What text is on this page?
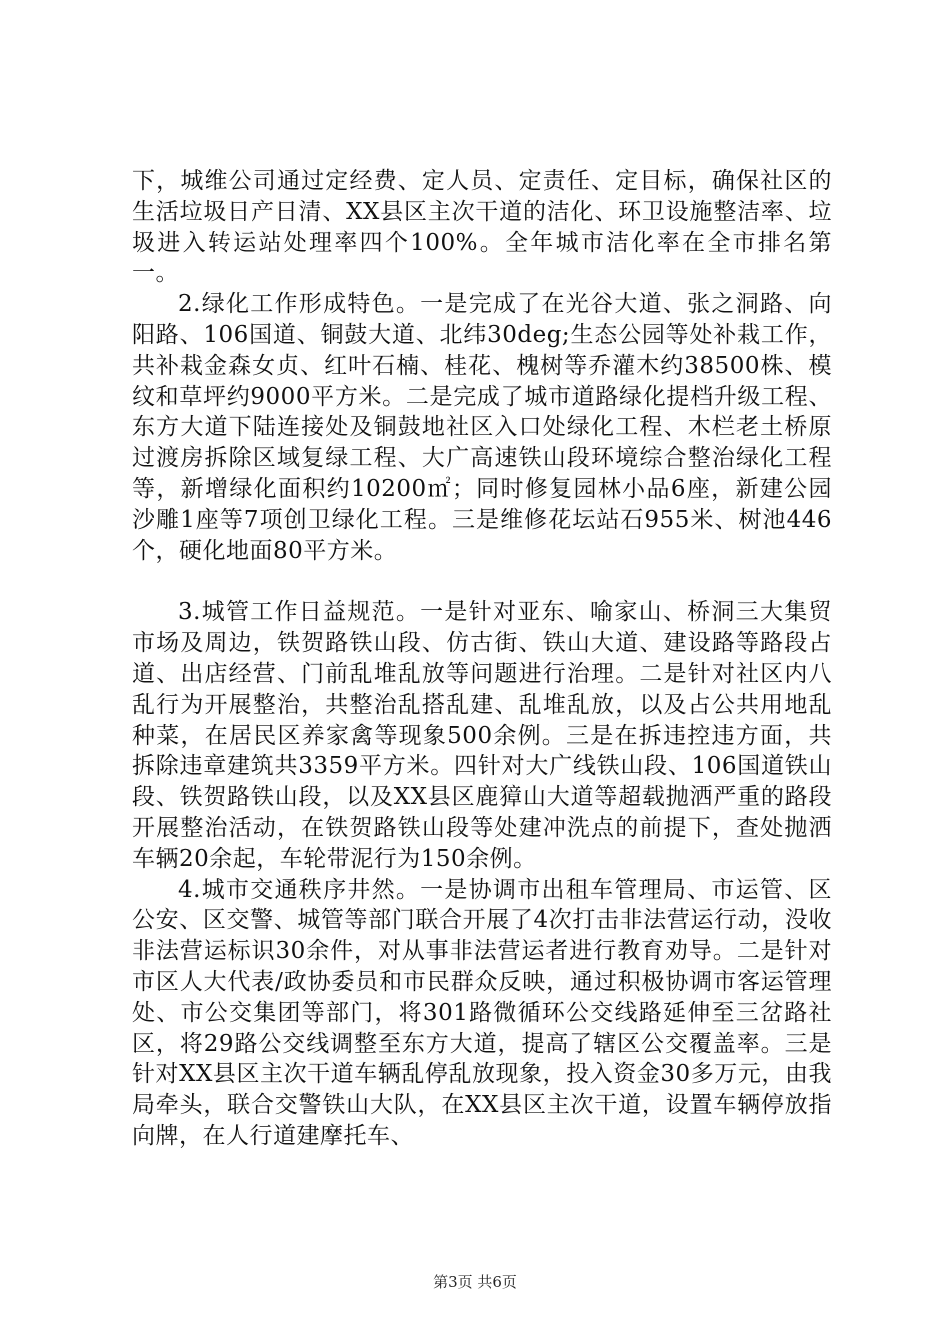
下，城维公司通过定经费、定人员、定责任、定目标，确保社区的生活垃圾日产日清、XX县区主次干道的洁化、环卫设施整洁率、垃圾进入转运站处理率四个100%。全年城市洁化率在全市排名第一。

2.绿化工作形成特色。一是完成了在光谷大道、张之洞路、向阳路、106国道、铜鼓大道、北纬30deg;生态公园等处补栽工作，共补栽金森女贞、红叶石楠、桂花、槐树等乔灌木约38500株、模纹和草坪约9000平方米。二是完成了城市道路绿化提档升级工程、东方大道下陆连接处及铜鼓地社区入口处绿化工程、木栏老土桥原过渡房拆除区域复绿工程、大广高速铁山段环境综合整治绿化工程等，新增绿化面积约10200㎡；同时修复园林小品6座，新建公园沙雕1座等7项创卫绿化工程。三是维修花坛站石955米、树池446个，硬化地面80平方米。

3.城管工作日益规范。一是针对亚东、喻家山、桥洞三大集贸市场及周边，铁贺路铁山段、仿古街、铁山大道、建设路等路段占道、出店经营、门前乱堆乱放等问题进行治理。二是针对社区内八乱行为开展整治，共整治乱搭乱建、乱堆乱放，以及占公共用地乱种菜，在居民区养家禽等现象500余例。三是在拆违控违方面，共拆除违章建筑共3359平方米。四针对大广线铁山段、106国道铁山段、铁贺路铁山段，以及XX县区鹿獐山大道等超载抛洒严重的路段开展整治活动，在铁贺路铁山段等处建冲洗点的前提下，查处抛洒车辆20余起，车轮带泥行为150余例。

4.城市交通秩序井然。一是协调市出租车管理局、市运管、区公安、区交警、城管等部门联合开展了4次打击非法营运行动，没收非法营运标识30余件，对从事非法营运者进行教育劝导。二是针对市区人大代表/政协委员和市民群众反映，通过积极协调市客运管理处、市公交集团等部门，将301路微循环公交线路延伸至三岔路社区，将29路公交线调整至东方大道，提高了辖区公交覆盖率。三是针对XX县区主次干道车辆乱停乱放现象，投入资金30多万元，由我局牵头，联合交警铁山大队，在XX县区主次干道，设置车辆停放指向牌，在人行道建摩托车、

第3页 共6页
